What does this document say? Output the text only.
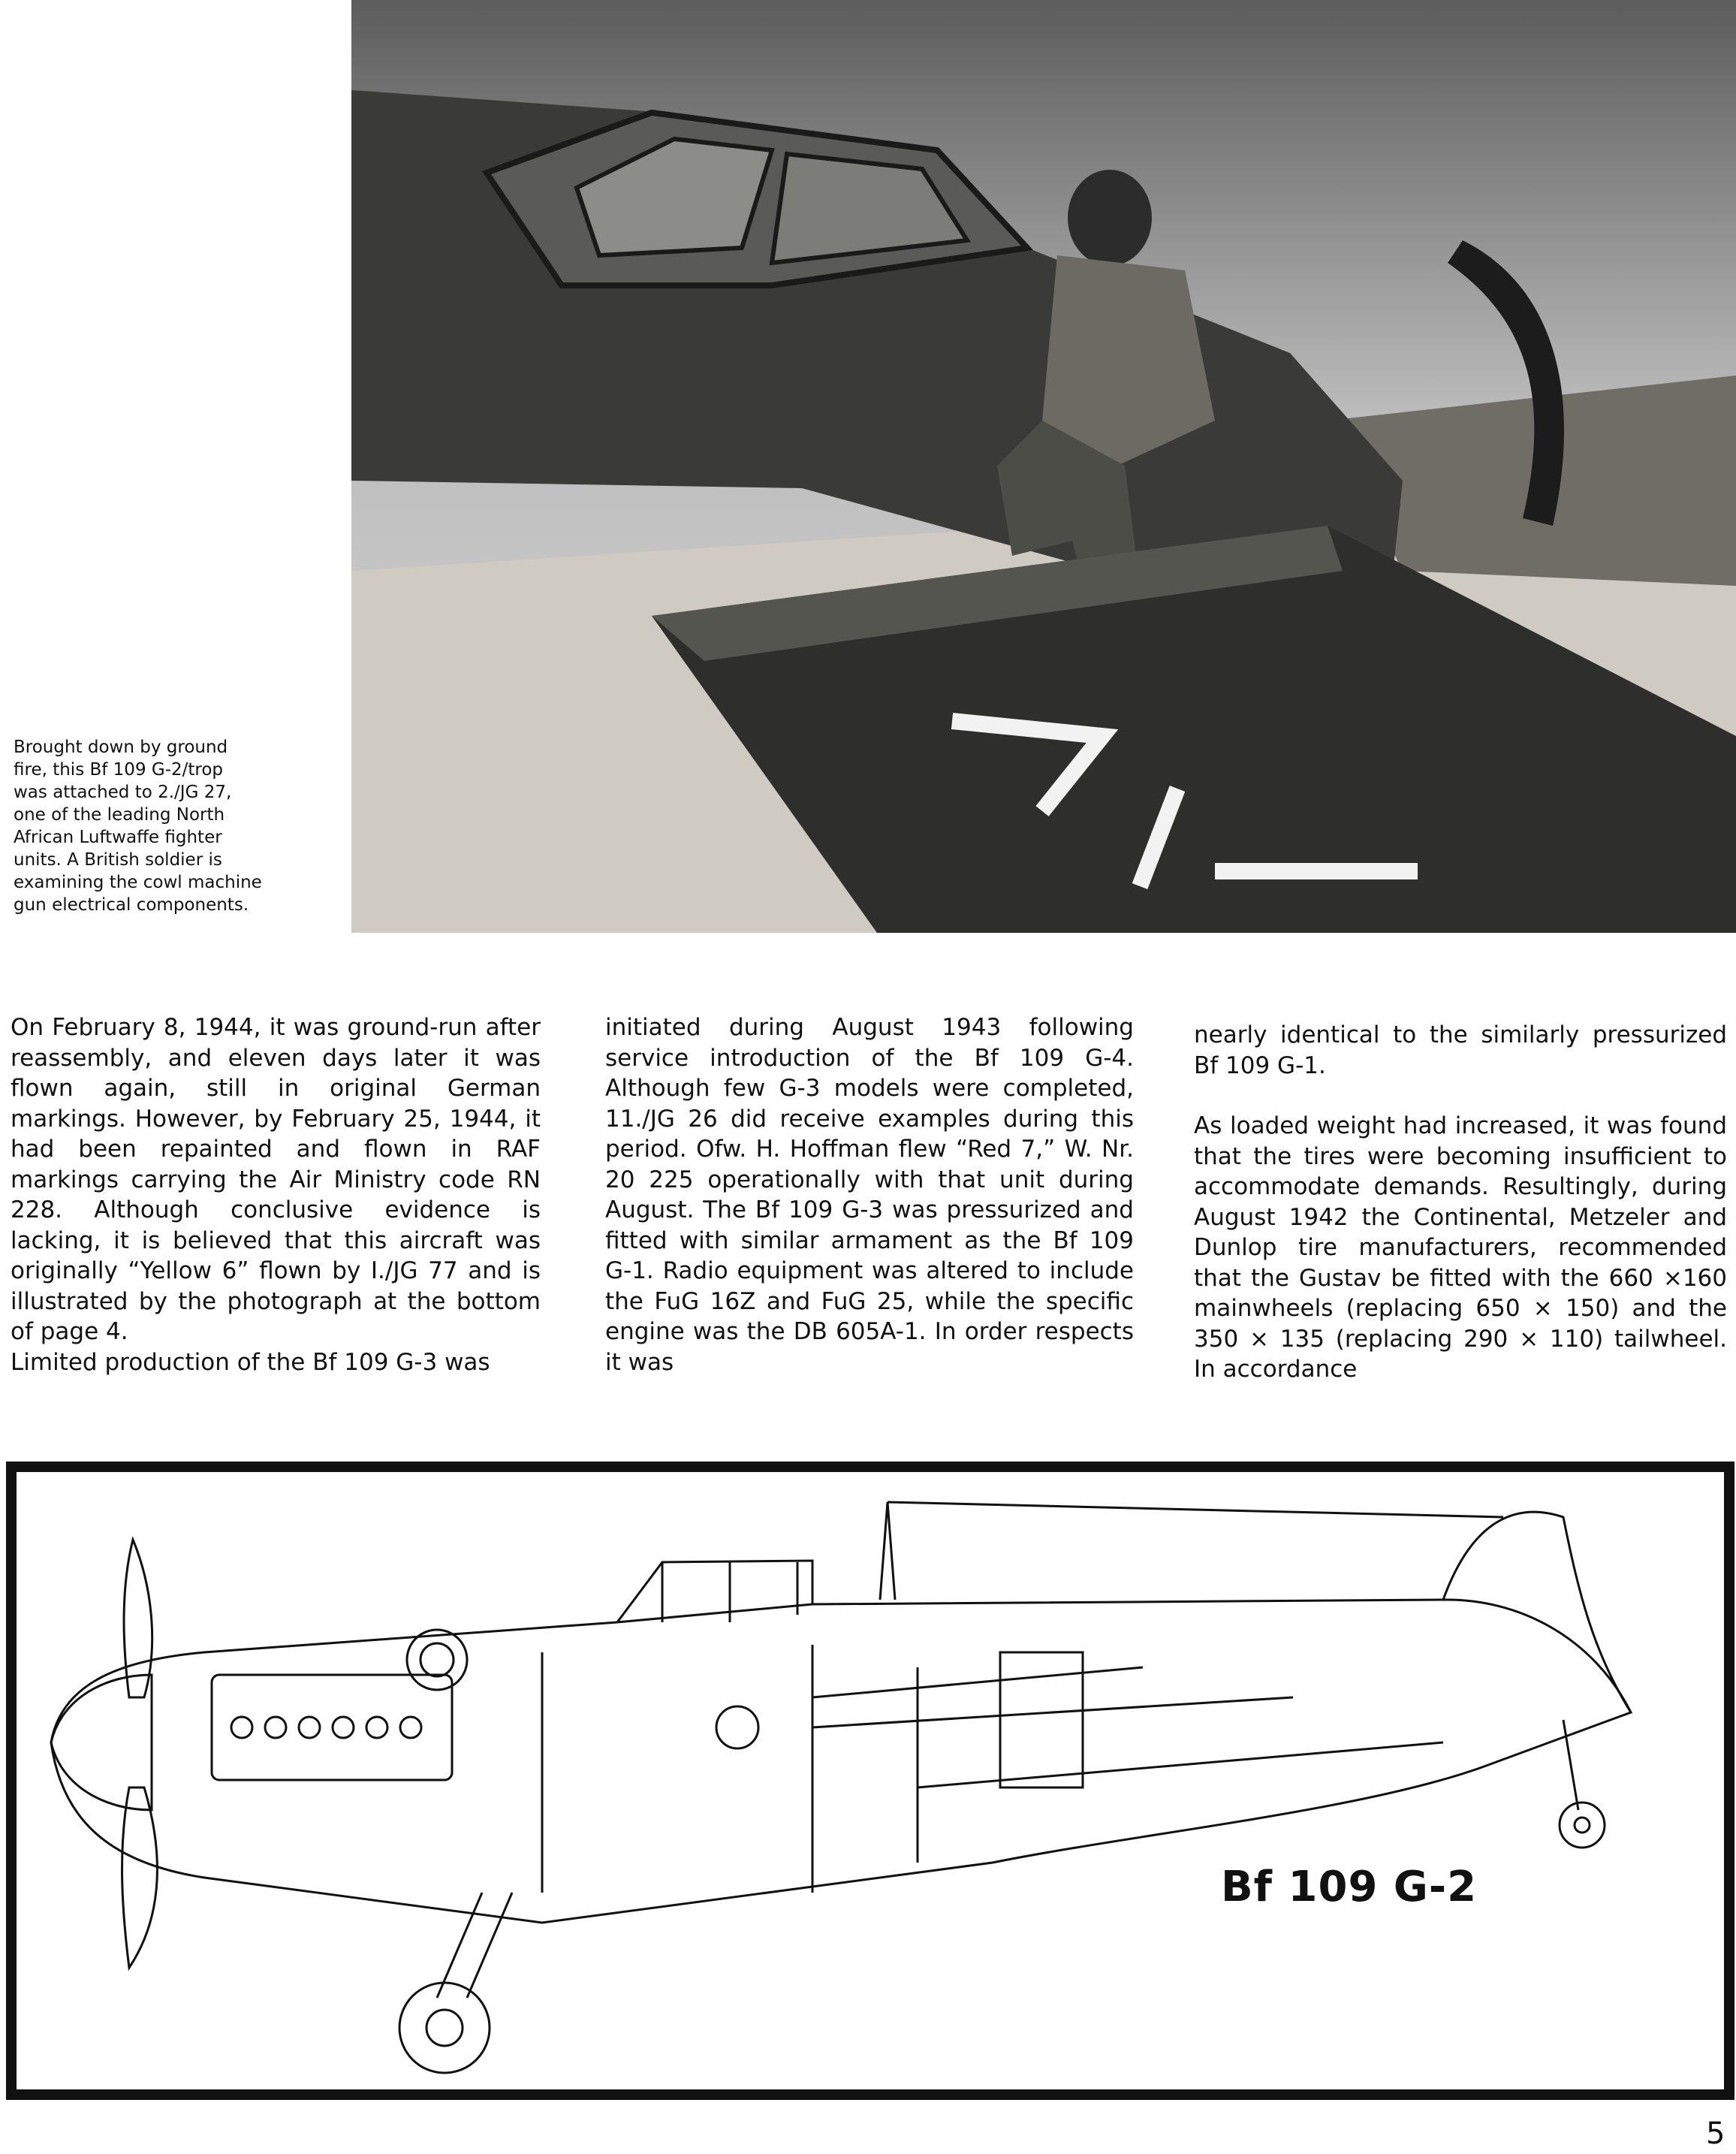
Brought down by ground
fire, this Bf 109 G-2/trop
was attached to 2./JG 27,
one of the leading North
African Luftwaffe fighter
units. A British soldier is
examining the cowl machine
gun electrical components.
On February 8, 1944, it was ground-run after reassembly, and eleven days later it was flown again, still in original German markings. However, by February 25, 1944, it had been repainted and flown in RAF markings carrying the Air Ministry code RN 228. Although conclusive evidence is lacking, it is believed that this aircraft was originally “Yellow 6” flown by I./JG 77 and is illustrated by the photograph at the bottom of page 4.
Limited production of the Bf 109 G-3 was
initiated during August 1943 following service introduction of the Bf 109 G-4. Although few G-3 models were completed, 11./JG 26 did receive examples during this period. Ofw. H. Hoffman flew “Red 7,” W. Nr. 20 225 operationally with that unit during August. The Bf 109 G-3 was pressurized and fitted with similar armament as the Bf 109 G-1. Radio equipment was altered to include the FuG 16Z and FuG 25, while the specific engine was the DB 605A-1. In order respects it was

nearly identical to the similarly pressurized Bf 109 G-1.

As loaded weight had increased, it was found that the tires were becoming insufficient to accommodate demands. Resultingly, during August 1942 the Continental, Metzeler and Dunlop tire manufacturers, recommended that the Gustav be fitted with the 660 ×160 mainwheels (replacing 650 × 150) and the 350 × 135 (replacing 290 × 110) tailwheel. In accordance

Bf 109 G-2
5
